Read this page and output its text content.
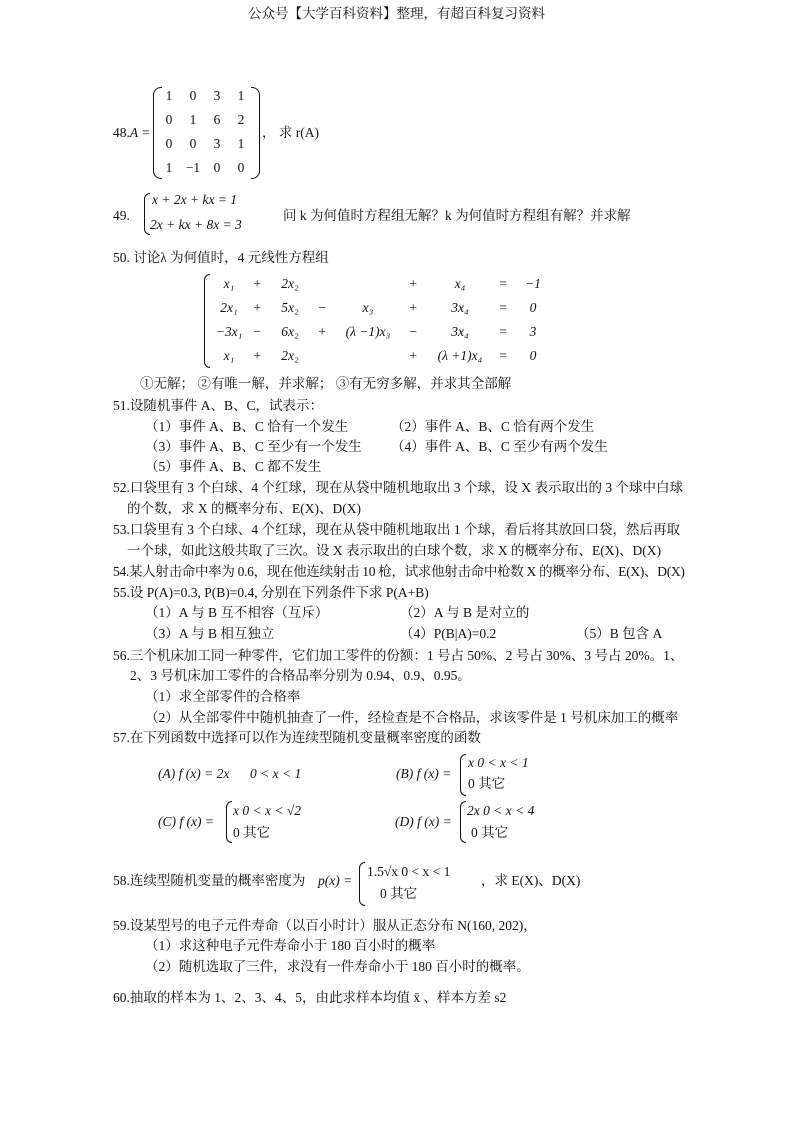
公众号【大学百科资料】整理，有超百科复习资料
48.A =
1	0	3	1
0	1	6	2
0	0	3	1
1 −1 0	0
， 求 r(A)
49.
x + 2x + kx = 1
2x + kx + 8x = 3
问 k 为何值时方程组无解？k 为何值时方程组有解？并求解
50. 讨论λ 为何值时，4 元线性方程组
x₁	+	2x₂	+	x₄	=	−1
2x₁	+	5x₂	−	x₃	+	3x₄	=	0
−3x₁ −	6x₂	+	(λ −1)x₃	−	3x₄	=	3
x₁	+	2x₂	+	(λ +1)x₄	=	0
①无解； ②有唯一解，并求解； ③有无穷多解，并求其全部解
51.设随机事件 A、B、C，试表示：
（1）事件 A、B、C 恰有一个发生	（2）事件 A、B、C 恰有两个发生
（3）事件 A、B、C 至少有一个发生 （4）事件 A、B、C 至少有两个发生
（5）事件 A、B、C 都不发生
52.口袋里有 3 个白球、4 个红球，现在从袋中随机地取出 3 个球，设 X 表示取出的 3 个球中白球
的个数，求 X 的概率分布、E(X)、D(X)
53.口袋里有 3 个白球、4 个红球，现在从袋中随机地取出 1 个球，看后将其放回口袋，然后再取
一个球，如此这般共取了三次。设 X 表示取出的白球个数，求 X 的概率分布、E(X)、D(X)
54.某人射击命中率为 0.6，现在他连续射击 10 枪，试求他射击命中枪数 X 的概率分布、E(X)、D(X)
55.设 P(A)=0.3, P(B)=0.4, 分别在下列条件下求 P(A+B)
（1）A 与 B 互不相容（互斥）	（2）A 与 B 是对立的
（3）A 与 B 相互独立	（4）P(B|A)=0.2	（5）B 包含 A
56.三个机床加工同一种零件，它们加工零件的份额：1 号占 50%、2 号占 30%、3 号占 20%。1、
2、3 号机床加工零件的合格品率分别为 0.94、0.9、0.95。
（1）求全部零件的合格率
（2）从全部零件中随机抽查了一件，经检查是不合格品，求该零件是 1 号机床加工的概率
57.在下列函数中选择可以作为连续型随机变量概率密度的函数
(A) f (x) = 2x 0 < x < 1	(B) f (x) =
x 0 < x < 1
0 其它
(C) f (x) =
x 0 < x < √2
0 其它
(D) f (x) =
2x 0 < x < 4
0 其它
58.连续型随机变量的概率密度为 p(x) =
1.5√x 0 < x < 1
0 其它
，求 E(X)、D(X)
59.设某型号的电子元件寿命（以百小时计）服从正态分布 N(160, 202)，
（1）求这种电子元件寿命小于 180 百小时的概率
（2）随机选取了三件，求没有一件寿命小于 180 百小时的概率。
60.抽取的样本为 1、2、3、4、5，由此求样本均值 x̄ 、样本方差 s2
